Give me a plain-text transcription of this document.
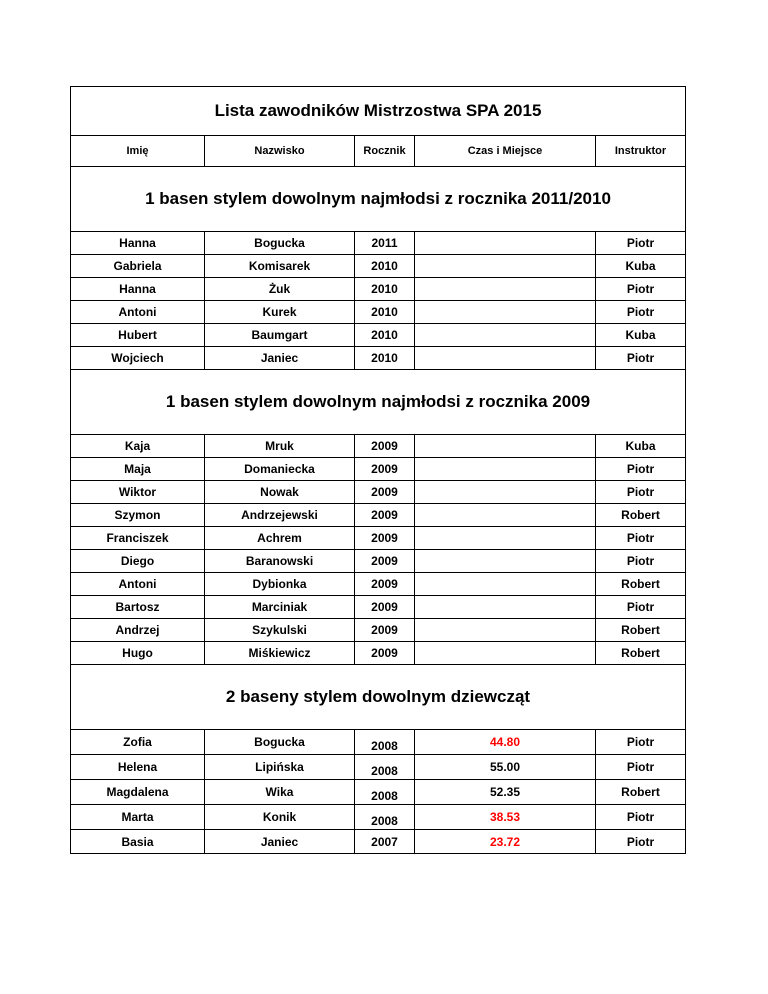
Lista zawodników Mistrzostwa SPA 2015				
Imię	Nazwisko	Rocznik	Czas i Miejsce	Instruktor
1 basen stylem dowolnym najmłodsi z rocznika 2011/2010				
Hanna	Bogucka	2011		Piotr
Gabriela	Komisarek	2010		Kuba
Hanna	Żuk	2010		Piotr
Antoni	Kurek	2010		Piotr
Hubert	Baumgart	2010		Kuba
Wojciech	Janiec	2010		Piotr
1 basen stylem dowolnym najmłodsi z rocznika 2009				
Kaja	Mruk	2009		Kuba
Maja	Domaniecka	2009		Piotr
Wiktor	Nowak	2009		Piotr
Szymon	Andrzejewski	2009		Robert
Franciszek	Achrem	2009		Piotr
Diego	Baranowski	2009		Piotr
Antoni	Dybionka	2009		Robert
Bartosz	Marciniak	2009		Piotr
Andrzej	Szykulski	2009		Robert
Hugo	Miśkiewicz	2009		Robert
2 baseny stylem dowolnym dziewcząt				
Zofia	Bogucka	2008	44.80	Piotr
Helena	Lipińska	2008	55.00	Piotr
Magdalena	Wika	2008	52.35	Robert
Marta	Konik	2008	38.53	Piotr
Basia	Janiec	2007	23.72	Piotr
